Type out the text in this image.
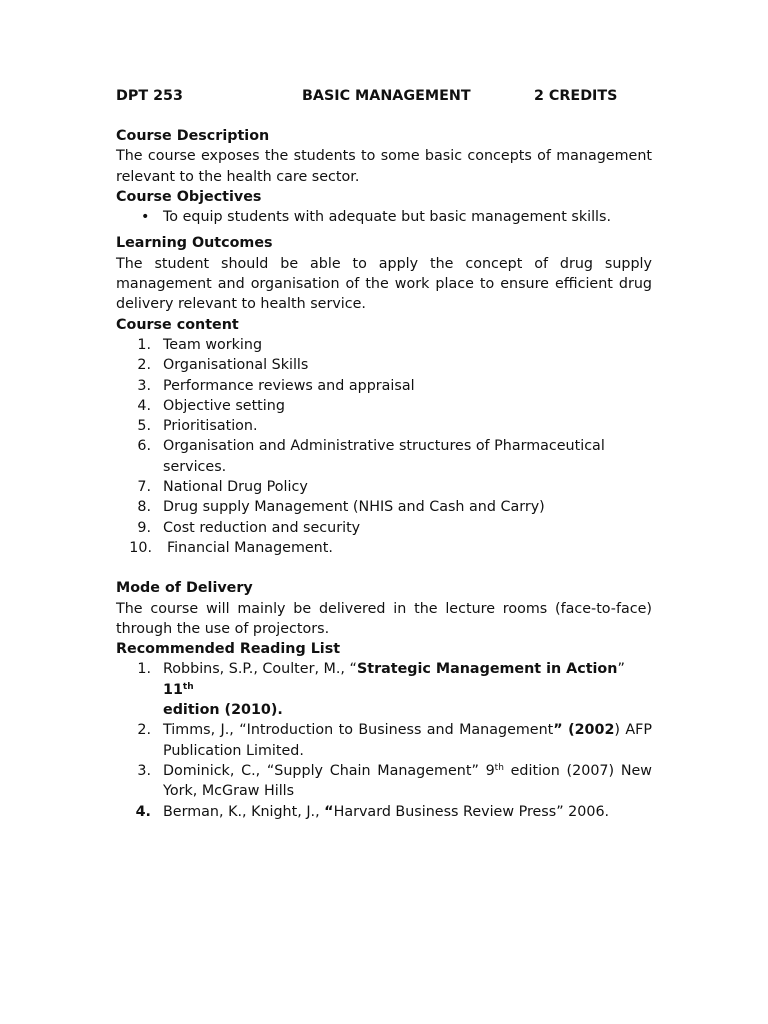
DPT 253	BASIC MANAGEMENT	2 CREDITS
Course Description
The course exposes the students to some basic concepts of management relevant to the health care sector.
Course Objectives
• To equip students with adequate but basic management skills.
Learning Outcomes
The student should be able to apply the concept of drug supply management and organisation of the work place to ensure efficient drug delivery relevant to health service.
Course content
1. Team working
2. Organisational Skills
3. Performance reviews and appraisal
4. Objective setting
5. Prioritisation.
6. Organisation and Administrative structures of Pharmaceutical services.
7. National Drug Policy
8. Drug supply Management (NHIS and Cash and Carry)
9. Cost reduction and security
10. Financial Management.
Mode of Delivery
The course will mainly be delivered in the lecture rooms (face-to-face) through the use of projectors.
Recommended Reading List
1. Robbins, S.P., Coulter, M., “Strategic Management in Action” 11th
edition (2010).
2. Timms, J., “Introduction to Business and Management” (2002) AFP Publication Limited.
3. Dominick, C., “Supply Chain Management” 9th edition (2007) New York, McGraw Hills
4. Berman, K., Knight, J., “Harvard Business Review Press” 2006.
